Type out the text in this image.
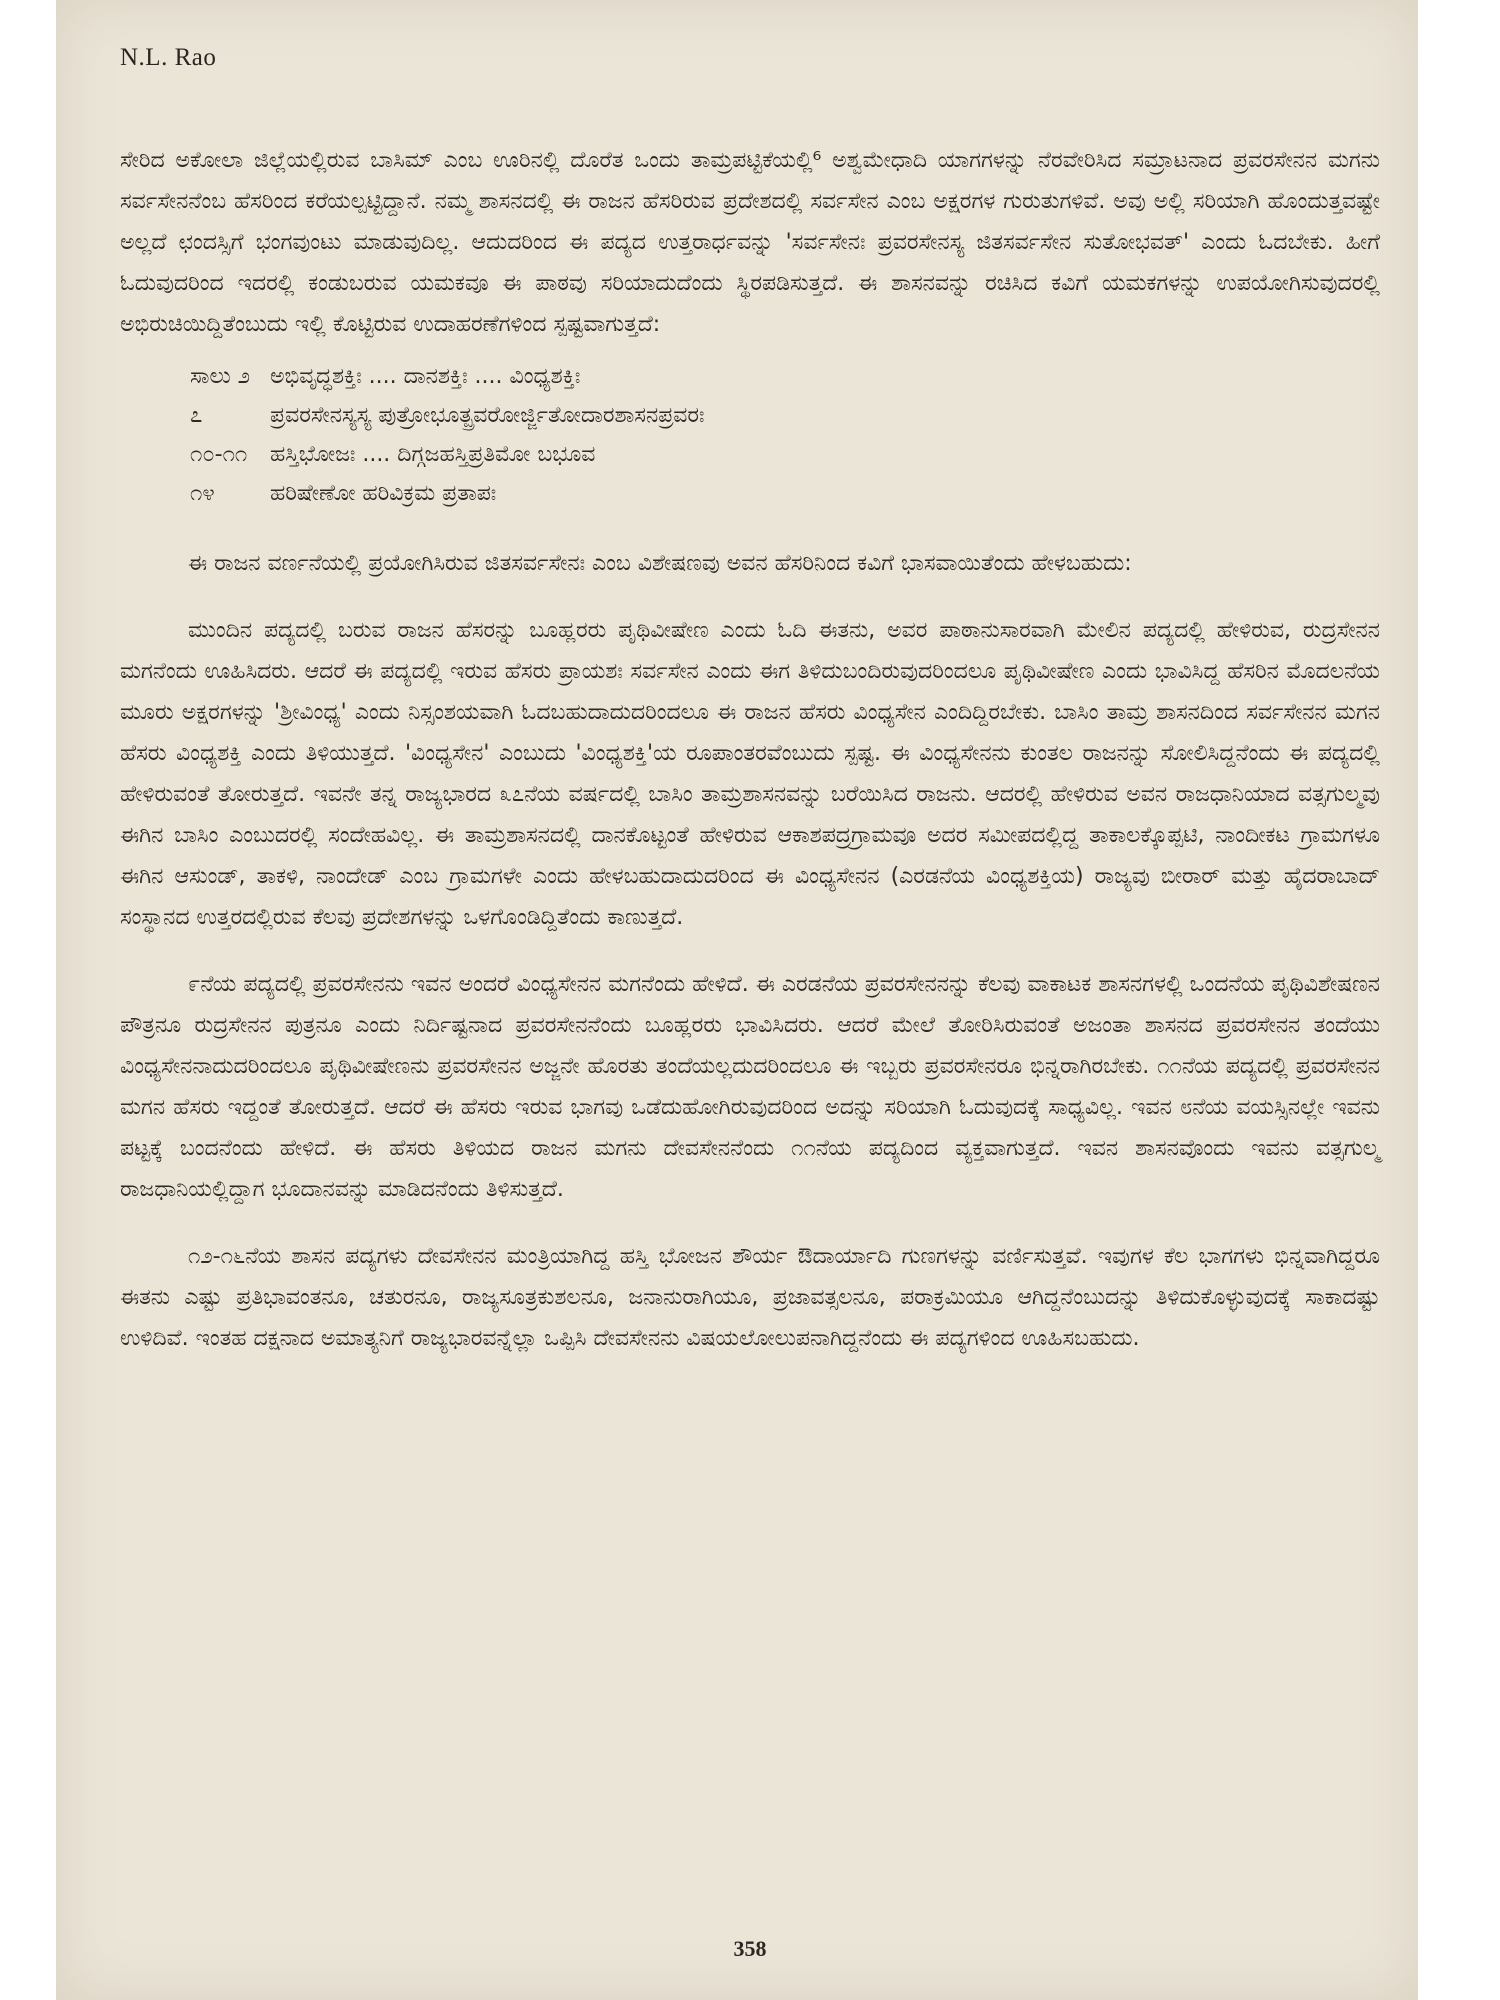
N.L. Rao

ಸೇರಿದ ಅಕೋಲಾ ಜಿಲ್ಲೆಯಲ್ಲಿರುವ ಬಾಸಿಮ್ ಎಂಬ ಊರಿನಲ್ಲಿ ದೊರೆತ ಒಂದು ತಾಮ್ರಪಟ್ಟಿಕೆಯಲ್ಲಿ⁶ ಅಶ್ವಮೇಧಾದಿ ಯಾಗಗಳನ್ನು ನೆರವೇರಿಸಿದ ಸಮ್ರಾಟನಾದ ಪ್ರವರಸೇನನ ಮಗನು ಸರ್ವಸೇನನೆಂಬ ಹೆಸರಿಂದ ಕರೆಯಲ್ಪಟ್ಟಿದ್ದಾನೆ. ನಮ್ಮ ಶಾಸನದಲ್ಲಿ ಈ ರಾಜನ ಹೆಸರಿರುವ ಪ್ರದೇಶದಲ್ಲಿ ಸರ್ವಸೇನ ಎಂಬ ಅಕ್ಷರಗಳ ಗುರುತುಗಳಿವೆ. ಅವು ಅಲ್ಲಿ ಸರಿಯಾಗಿ ಹೊಂದುತ್ತವಷ್ಟೇ ಅಲ್ಲದೆ ಛಂದಸ್ಸಿಗೆ ಭಂಗವುಂಟು ಮಾಡುವುದಿಲ್ಲ. ಆದುದರಿಂದ ಈ ಪದ್ಯದ ಉತ್ತರಾರ್ಧವನ್ನು 'ಸರ್ವಸೇನಃ ಪ್ರವರಸೇನಸ್ಯ ಜಿತಸರ್ವಸೇನ ಸುತೋಭವತ್' ಎಂದು ಓದಬೇಕು. ಹೀಗೆ ಓದುವುದರಿಂದ ಇದರಲ್ಲಿ ಕಂಡುಬರುವ ಯಮಕವೂ ಈ ಪಾಠವು ಸರಿಯಾದುದೆಂದು ಸ್ಥಿರಪಡಿಸುತ್ತದೆ. ಈ ಶಾಸನವನ್ನು ರಚಿಸಿದ ಕವಿಗೆ ಯಮಕಗಳನ್ನು ಉಪಯೋಗಿಸುವುದರಲ್ಲಿ ಅಭಿರುಚಿಯಿದ್ದಿತೆಂಬುದು ಇಲ್ಲಿ ಕೊಟ್ಟಿರುವ ಉದಾಹರಣೆಗಳಿಂದ ಸ್ಪಷ್ಟವಾಗುತ್ತದೆ:

ಸಾಲು ೨ ಅಭಿವೃದ್ಧಶಕ್ತಿಃ .... ದಾನಶಕ್ತಿಃ .... ವಿಂಧ್ಯಶಕ್ತಿಃ
೭	ಪ್ರವರಸೇನಸ್ಯಸ್ಯ ಪುತ್ರೋಭೂತ್ಪ್ರವರೋರ್ಜ್ಜಿತೋದಾರಶಾಸನಪ್ರವರಃ
೧೦-೧೧	ಹಸ್ತಿಭೋಜಃ .... ದಿಗ್ಗಜಹಸ್ತಿಪ್ರತಿಮೋ ಬಭೂವ
೧೪	ಹರಿಷೇಣೋ ಹರಿವಿಕ್ರಮ ಪ್ರತಾಪಃ

ಈ ರಾಜನ ವರ್ಣನೆಯಲ್ಲಿ ಪ್ರಯೋಗಿಸಿರುವ ಜಿತಸರ್ವಸೇನಃ ಎಂಬ ವಿಶೇಷಣವು ಅವನ ಹೆಸರಿನಿಂದ ಕವಿಗೆ ಭಾಸವಾಯಿತೆಂದು ಹೇಳಬಹುದು:

ಮುಂದಿನ ಪದ್ಯದಲ್ಲಿ ಬರುವ ರಾಜನ ಹೆಸರನ್ನು ಬೂಹ್ಲರರು ಪೃಥಿವೀಷೇಣ ಎಂದು ಓದಿ ಈತನು, ಅವರ ಪಾಠಾನುಸಾರವಾಗಿ ಮೇಲಿನ ಪದ್ಯದಲ್ಲಿ ಹೇಳಿರುವ, ರುದ್ರಸೇನನ ಮಗನೆಂದು ಊಹಿಸಿದರು. ಆದರೆ ಈ ಪದ್ಯದಲ್ಲಿ ಇರುವ ಹೆಸರು ಪ್ರಾಯಶಃ ಸರ್ವಸೇನ ಎಂದು ಈಗ ತಿಳಿದುಬಂದಿರುವುದರಿಂದಲೂ ಪೃಥಿವೀಷೇಣ ಎಂದು ಭಾವಿಸಿದ್ದ ಹೆಸರಿನ ಮೊದಲನೆಯ ಮೂರು ಅಕ್ಷರಗಳನ್ನು 'ಶ್ರೀವಿಂಧ್ಯ' ಎಂದು ನಿಸ್ಸಂಶಯವಾಗಿ ಓದಬಹುದಾದುದರಿಂದಲೂ ಈ ರಾಜನ ಹೆಸರು ವಿಂಧ್ಯಸೇನ ಎಂದಿದ್ದಿರಬೇಕು. ಬಾಸಿಂ ತಾಮ್ರ ಶಾಸನದಿಂದ ಸರ್ವಸೇನನ ಮಗನ ಹೆಸರು ವಿಂಧ್ಯಶಕ್ತಿ ಎಂದು ತಿಳಿಯುತ್ತದೆ. 'ವಿಂಧ್ಯಸೇನ' ಎಂಬುದು 'ವಿಂಧ್ಯಶಕ್ತಿ'ಯ ರೂಪಾಂತರವೆಂಬುದು ಸ್ಪಷ್ಟ. ಈ ವಿಂಧ್ಯಸೇನನು ಕುಂತಲ ರಾಜನನ್ನು ಸೋಲಿಸಿದ್ದನೆಂದು ಈ ಪದ್ಯದಲ್ಲಿ ಹೇಳಿರುವಂತೆ ತೋರುತ್ತದೆ. ಇವನೇ ತನ್ನ ರಾಜ್ಯಭಾರದ ೩೭ನೆಯ ವರ್ಷದಲ್ಲಿ ಬಾಸಿಂ ತಾಮ್ರಶಾಸನವನ್ನು ಬರೆಯಿಸಿದ ರಾಜನು. ಆದರಲ್ಲಿ ಹೇಳಿರುವ ಅವನ ರಾಜಧಾನಿಯಾದ ವತ್ಸಗುಲ್ಮವು ಈಗಿನ ಬಾಸಿಂ ಎಂಬುದರಲ್ಲಿ ಸಂದೇಹವಿಲ್ಲ. ಈ ತಾಮ್ರಶಾಸನದಲ್ಲಿ ದಾನಕೊಟ್ಟಂತೆ ಹೇಳಿರುವ ಆಕಾಶಪದ್ರಗ್ರಾಮವೂ ಅದರ ಸಮೀಪದಲ್ಲಿದ್ದ ತಾಕಾಲಕ್ಕೊಪ್ಪಟಿ, ನಾಂದೀಕಟ ಗ್ರಾಮಗಳೂ ಈಗಿನ ಆಸುಂಡ್, ತಾಕಳಿ, ನಾಂದೇಡ್ ಎಂಬ ಗ್ರಾಮಗಳೇ ಎಂದು ಹೇಳಬಹುದಾದುದರಿಂದ ಈ ವಿಂಧ್ಯಸೇನನ (ಎರಡನೆಯ ವಿಂಧ್ಯಶಕ್ತಿಯ) ರಾಜ್ಯವು ಬೀರಾರ್ ಮತ್ತು ಹೈದರಾಬಾದ್ ಸಂಸ್ಥಾನದ ಉತ್ತರದಲ್ಲಿರುವ ಕೆಲವು ಪ್ರದೇಶಗಳನ್ನು ಒಳಗೊಂಡಿದ್ದಿತೆಂದು ಕಾಣುತ್ತದೆ.

೯ನೆಯ ಪದ್ಯದಲ್ಲಿ ಪ್ರವರಸೇನನು ಇವನ ಅಂದರೆ ವಿಂಧ್ಯಸೇನನ ಮಗನೆಂದು ಹೇಳಿದೆ. ಈ ಎರಡನೆಯ ಪ್ರವರಸೇನನನ್ನು ಕೆಲವು ವಾಕಾಟಕ ಶಾಸನಗಳಲ್ಲಿ ಒಂದನೆಯ ಪೃಥಿವಿಶೇಷಣನ ಪೌತ್ರನೂ ರುದ್ರಸೇನನ ಪುತ್ರನೂ ಎಂದು ನಿರ್ದಿಷ್ಟನಾದ ಪ್ರವರಸೇನನೆಂದು ಬೂಹ್ಲರರು ಭಾವಿಸಿದರು. ಆದರೆ ಮೇಲೆ ತೋರಿಸಿರುವಂತೆ ಅಜಂತಾ ಶಾಸನದ ಪ್ರವರಸೇನನ ತಂದೆಯು ವಿಂಧ್ಯಸೇನನಾದುದರಿಂದಲೂ ಪೃಥಿವೀಷೇಣನು ಪ್ರವರಸೇನನ ಅಜ್ಜನೇ ಹೊರತು ತಂದೆಯಲ್ಲದುದರಿಂದಲೂ ಈ ಇಬ್ಬರು ಪ್ರವರಸೇನರೂ ಭಿನ್ನರಾಗಿರಬೇಕು. ೧೧ನೆಯ ಪದ್ಯದಲ್ಲಿ ಪ್ರವರಸೇನನ ಮಗನ ಹೆಸರು ಇದ್ದಂತೆ ತೋರುತ್ತದೆ. ಆದರೆ ಈ ಹೆಸರು ಇರುವ ಭಾಗವು ಒಡೆದುಹೋಗಿರುವುದರಿಂದ ಅದನ್ನು ಸರಿಯಾಗಿ ಓದುವುದಕ್ಕೆ ಸಾಧ್ಯವಿಲ್ಲ. ಇವನ ೮ನೆಯ ವಯಸ್ಸಿನಲ್ಲೇ ಇವನು ಪಟ್ಟಕ್ಕೆ ಬಂದನೆಂದು ಹೇಳಿದೆ. ಈ ಹೆಸರು ತಿಳಿಯದ ರಾಜನ ಮಗನು ದೇವಸೇನನೆಂದು ೧೧ನೆಯ ಪದ್ಯದಿಂದ ವ್ಯಕ್ತವಾಗುತ್ತದೆ. ಇವನ ಶಾಸನವೊಂದು ಇವನು ವತ್ಸಗುಲ್ಮ ರಾಜಧಾನಿಯಲ್ಲಿದ್ದಾಗ ಭೂದಾನವನ್ನು ಮಾಡಿದನೆಂದು ತಿಳಿಸುತ್ತದೆ.

೧೨-೧೬ನೆಯ ಶಾಸನ ಪದ್ಯಗಳು ದೇವಸೇನನ ಮಂತ್ರಿಯಾಗಿದ್ದ ಹಸ್ತಿ ಭೋಜನ ಶೌರ್ಯ ಔದಾರ್ಯಾದಿ ಗುಣಗಳನ್ನು ವರ್ಣಿಸುತ್ತವೆ. ಇವುಗಳ ಕೆಲ ಭಾಗಗಳು ಭಿನ್ನವಾಗಿದ್ದರೂ ಈತನು ಎಷ್ಟು ಪ್ರತಿಭಾವಂತನೂ, ಚತುರನೂ, ರಾಜ್ಯಸೂತ್ರಕುಶಲನೂ, ಜನಾನುರಾಗಿಯೂ, ಪ್ರಜಾವತ್ಸಲನೂ, ಪರಾಕ್ರಮಿಯೂ ಆಗಿದ್ದನೆಂಬುದನ್ನು ತಿಳಿದುಕೊಳ್ಳುವುದಕ್ಕೆ ಸಾಕಾದಷ್ಟು ಉಳಿದಿವೆ. ಇಂತಹ ದಕ್ಷನಾದ ಅಮಾತ್ಯನಿಗೆ ರಾಜ್ಯಭಾರವನ್ನೆಲ್ಲಾ ಒಪ್ಪಿಸಿ ದೇವಸೇನನು ವಿಷಯಲೋಲುಪನಾಗಿದ್ದನೆಂದು ಈ ಪದ್ಯಗಳಿಂದ ಊಹಿಸಬಹುದು.

358
